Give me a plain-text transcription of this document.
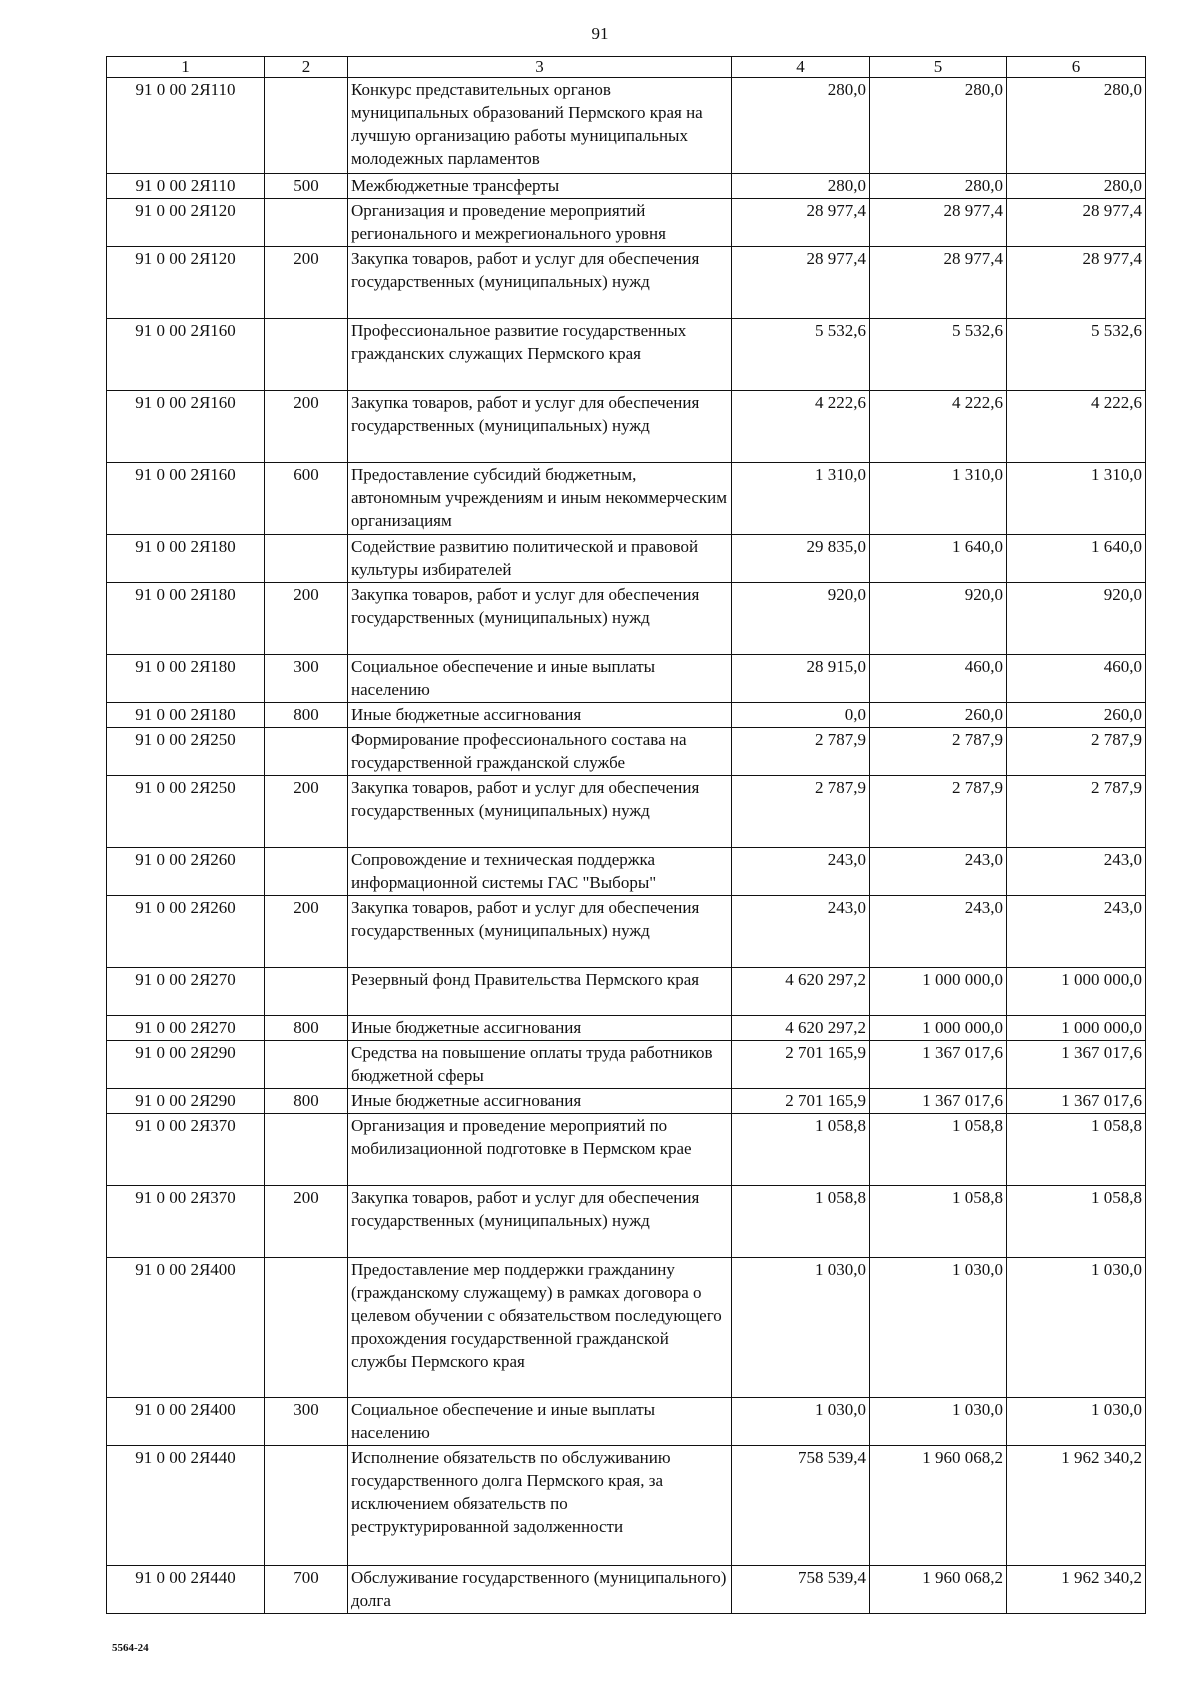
91
1	2	3	4	5	6
91 0 00 2Я110		Конкурс представительных органов муниципальных образований Пермского края на лучшую организацию работы муниципальных молодежных парламентов	280,0	280,0	280,0
91 0 00 2Я110	500	Межбюджетные трансферты	280,0	280,0	280,0
91 0 00 2Я120		Организация и проведение мероприятий регионального и межрегионального уровня	28 977,4	28 977,4	28 977,4
91 0 00 2Я120	200	Закупка товаров, работ и услуг для обеспечения государственных (муниципальных) нужд	28 977,4	28 977,4	28 977,4
91 0 00 2Я160		Профессиональное развитие государственных гражданских служащих Пермского края	5 532,6	5 532,6	5 532,6
91 0 00 2Я160	200	Закупка товаров, работ и услуг для обеспечения государственных (муниципальных) нужд	4 222,6	4 222,6	4 222,6
91 0 00 2Я160	600	Предоставление субсидий бюджетным, автономным учреждениям и иным некоммерческим организациям	1 310,0	1 310,0	1 310,0
91 0 00 2Я180		Содействие развитию политической и правовой культуры избирателей	29 835,0	1 640,0	1 640,0
91 0 00 2Я180	200	Закупка товаров, работ и услуг для обеспечения государственных (муниципальных) нужд	920,0	920,0	920,0
91 0 00 2Я180	300	Социальное обеспечение и иные выплаты населению	28 915,0	460,0	460,0
91 0 00 2Я180	800	Иные бюджетные ассигнования	0,0	260,0	260,0
91 0 00 2Я250		Формирование профессионального состава на государственной гражданской службе	2 787,9	2 787,9	2 787,9
91 0 00 2Я250	200	Закупка товаров, работ и услуг для обеспечения государственных (муниципальных) нужд	2 787,9	2 787,9	2 787,9
91 0 00 2Я260		Сопровождение и техническая поддержка информационной системы ГАС "Выборы"	243,0	243,0	243,0
91 0 00 2Я260	200	Закупка товаров, работ и услуг для обеспечения государственных (муниципальных) нужд	243,0	243,0	243,0
91 0 00 2Я270		Резервный фонд Правительства Пермского края	4 620 297,2	1 000 000,0	1 000 000,0
91 0 00 2Я270	800	Иные бюджетные ассигнования	4 620 297,2	1 000 000,0	1 000 000,0
91 0 00 2Я290		Средства на повышение оплаты труда работников бюджетной сферы	2 701 165,9	1 367 017,6	1 367 017,6
91 0 00 2Я290	800	Иные бюджетные ассигнования	2 701 165,9	1 367 017,6	1 367 017,6
91 0 00 2Я370		Организация и проведение мероприятий по мобилизационной подготовке в Пермском крае	1 058,8	1 058,8	1 058,8
91 0 00 2Я370	200	Закупка товаров, работ и услуг для обеспечения государственных (муниципальных) нужд	1 058,8	1 058,8	1 058,8
91 0 00 2Я400		Предоставление мер поддержки гражданину (гражданскому служащему) в рамках договора о целевом обучении с обязательством последующего прохождения государственной гражданской службы Пермского края	1 030,0	1 030,0	1 030,0
91 0 00 2Я400	300	Социальное обеспечение и иные выплаты населению	1 030,0	1 030,0	1 030,0
91 0 00 2Я440		Исполнение обязательств по обслуживанию государственного долга Пермского края, за исключением обязательств по реструктурированной задолженности	758 539,4	1 960 068,2	1 962 340,2
91 0 00 2Я440	700	Обслуживание государственного (муниципального) долга	758 539,4	1 960 068,2	1 962 340,2
5564-24
